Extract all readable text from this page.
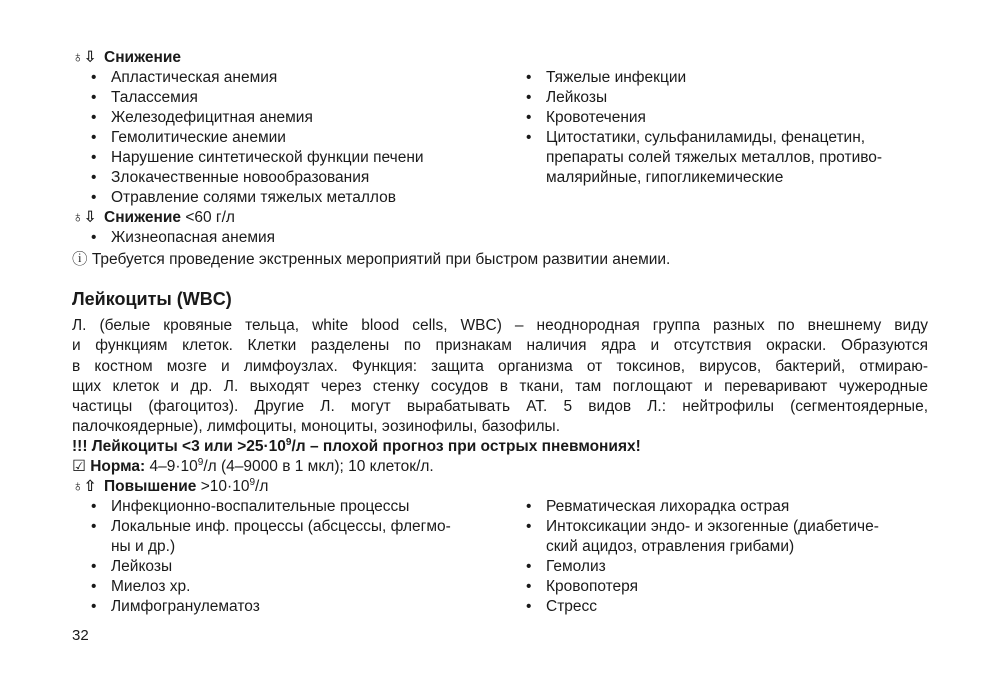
♁⇩ Снижение
• Апластическая анемия
• Талассемия
• Железодефицитная анемия
• Гемолитические анемии
• Нарушение синтетической функции печени
• Злокачественные новообразования
• Отравление солями тяжелых металлов
• Тяжелые инфекции
• Лейкозы
• Кровотечения
• Цитостатики, сульфаниламиды, фенацетин,
препараты солей тяжелых металлов, противо-
малярийные, гипогликемические
♁⇩ Снижение <60 г/л
• Жизнеопасная анемия
ⓘ Требуется проведение экстренных мероприятий при быстром развитии анемии.
Лейкоциты (WBC)
Л. (белые кровяные тельца, white blood cells, WBC) – неоднородная группа разных по внешнему виду
и функциям клеток. Клетки разделены по признакам наличия ядра и отсутствия окраски. Образуются
в костном мозге и лимфоузлах. Функция: защита организма от токсинов, вирусов, бактерий, отмираю-
щих клеток и др. Л. выходят через стенку сосудов в ткани, там поглощают и переваривают чужеродные
частицы (фагоцитоз). Другие Л. могут вырабатывать АТ. 5 видов Л.: нейтрофилы (сегментоядерные,
палочкоядерные), лимфоциты, моноциты, эозинофилы, базофилы.
!!! Лейкоциты <3 или $>25\cdot 10^9/л$ – плохой прогноз при острых пневмониях!
☑ Норма: $4-9\cdot 10^9/л$ (4–9000 в 1 мкл); 10 клеток/л.
♁⇧ Повышение $>10\cdot 10^9/л$
• Инфекционно-воспалительные процессы
• Локальные инф. процессы (абсцессы, флегмо-
ны и др.)
• Лейкозы
• Миелоз хр.
• Лимфогранулематоз
• Ревматическая лихорадка острая
• Интоксикации эндо- и экзогенные (диабетиче-
ский ацидоз, отравления грибами)
• Гемолиз
• Кровопотеря
• Стресс
32
